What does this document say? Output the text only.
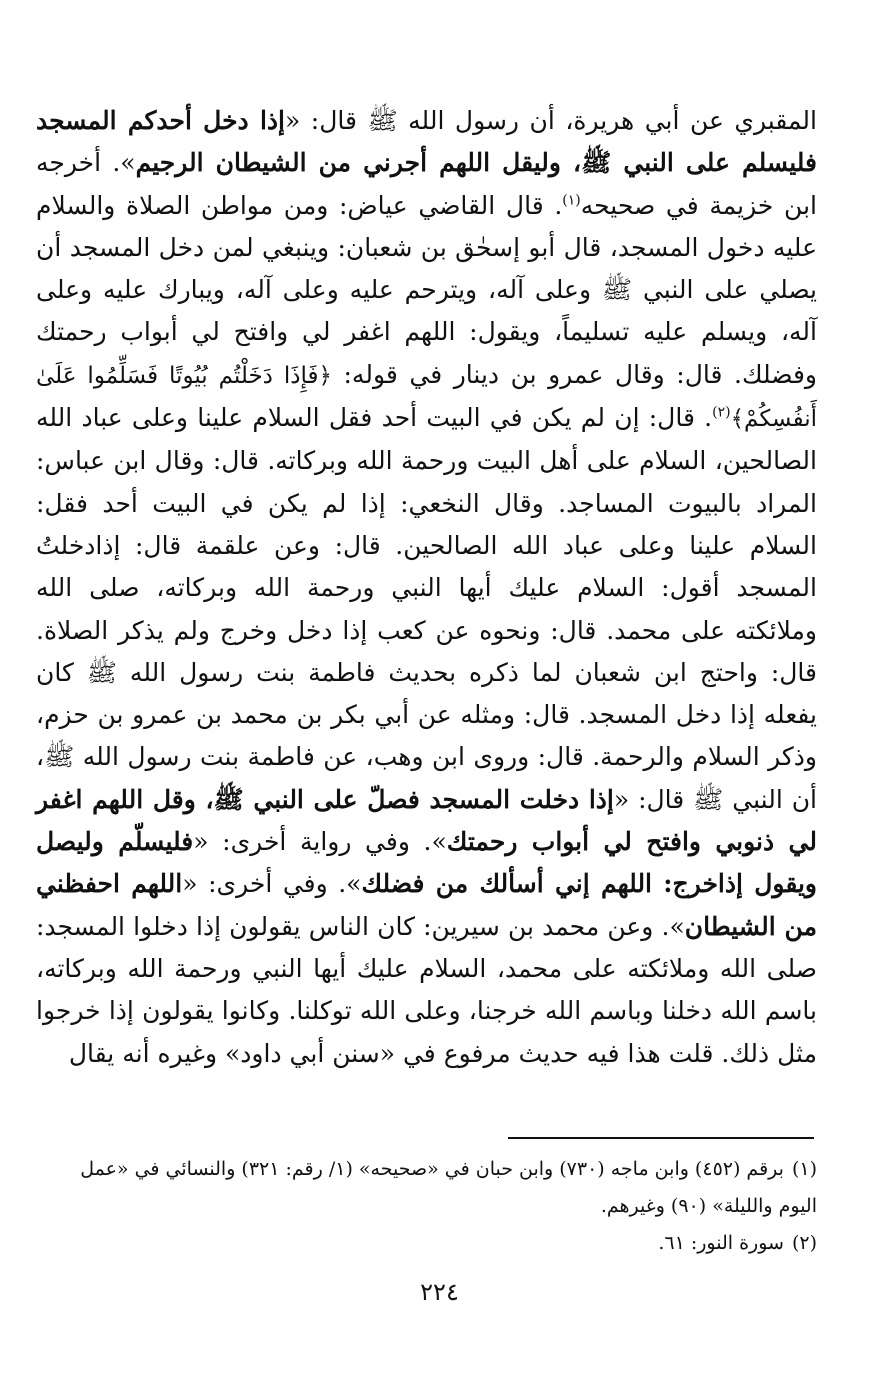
المقبري عن أبي هريرة، أن رسول الله ﷺ قال: «إذا دخل أحدكم المسجد فليسلم على النبي ﷺ، وليقل اللهم أجرني من الشيطان الرجيم». أخرجه ابن خزيمة في صحيحه$^{(١)}$. قال القاضي عياض: ومن مواطن الصلاة والسلام عليه دخول المسجد، قال أبو إسحٰق بن شعبان: وينبغي لمن دخل المسجد أن يصلي على النبي ﷺ وعلى آله، ويترحم عليه وعلى آله، ويبارك عليه وعلى آله، ويسلم عليه تسليماً، ويقول: اللهم اغفر لي وافتح لي أبواب رحمتك وفضلك. قال: وقال عمرو بن دينار في قوله: ﴿فَإِذَا دَخَلْتُم بُيُوتًا فَسَلِّمُوا عَلَىٰ أَنفُسِكُمْ﴾$^{(٢)}$. قال: إن لم يكن في البيت أحد فقل السلام علينا وعلى عباد الله الصالحين، السلام على أهل البيت ورحمة الله وبركاته. قال: وقال ابن عباس: المراد بالبيوت المساجد. وقال النخعي: إذا لم يكن في البيت أحد فقل: السلام علينا وعلى عباد الله الصالحين. قال: وعن علقمة قال: إذادخلتُ المسجد أقول: السلام عليك أيها النبي ورحمة الله وبركاته، صلى الله وملائكته على محمد. قال: ونحوه عن كعب إذا دخل وخرج ولم يذكر الصلاة. قال: واحتج ابن شعبان لما ذكره بحديث فاطمة بنت رسول الله ﷺ كان يفعله إذا دخل المسجد. قال: ومثله عن أبي بكر بن محمد بن عمرو بن حزم، وذكر السلام والرحمة. قال: وروى ابن وهب، عن فاطمة بنت رسول الله ﷺ، أن النبي ﷺ قال: «إذا دخلت المسجد فصلّ على النبي ﷺ، وقل اللهم اغفر لي ذنوبي وافتح لي أبواب رحمتك». وفي رواية أخرى: «فليسلّم وليصل ويقول إذاخرج: اللهم إني أسألك من فضلك». وفي أخرى: «اللهم احفظني من الشيطان». وعن محمد بن سيرين: كان الناس يقولون إذا دخلوا المسجد: صلى الله وملائكته على محمد، السلام عليك أيها النبي ورحمة الله وبركاته، باسم الله دخلنا وباسم الله خرجنا، وعلى الله توكلنا. وكانوا يقولون إذا خرجوا مثل ذلك. قلت هذا فيه حديث مرفوع في «سنن أبي داود» وغيره أنه يقال

(١)برقم (٤٥٢) وابن ماجه (٧٣٠) وابن حبان في «صحيحه» (١/ رقم: ٣٢١) والنسائي في «عمل اليوم والليلة» (٩٠) وغيرهم.

(٢)سورة النور: ٦١.

٢٢٤
